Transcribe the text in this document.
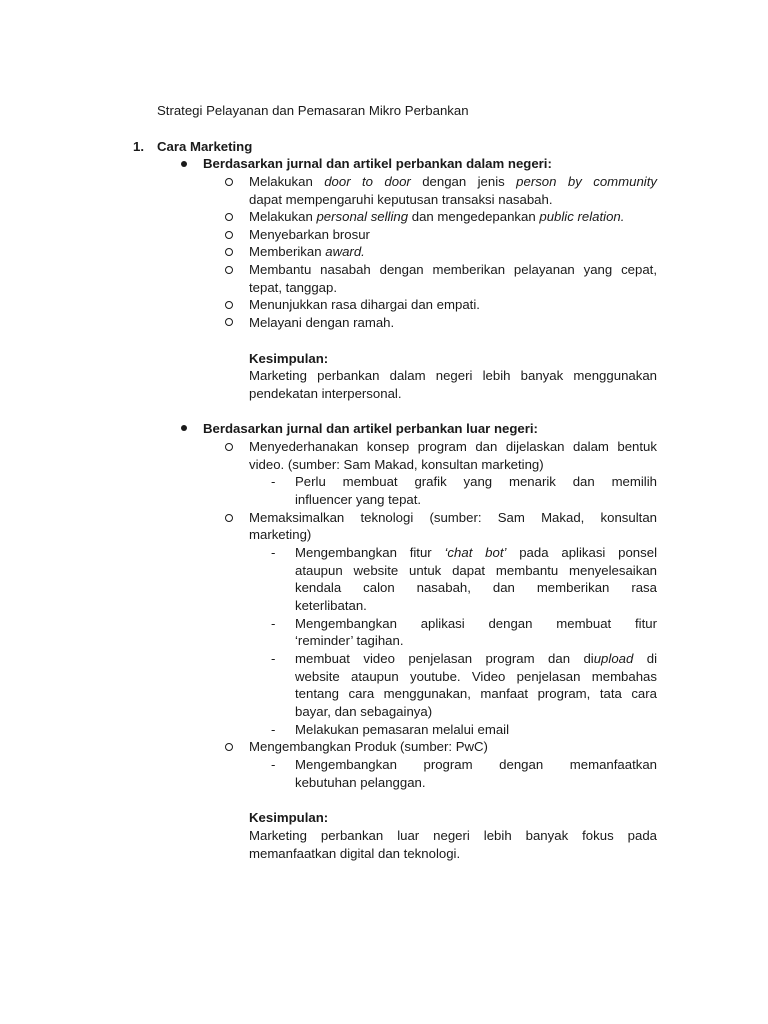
Strategi Pelayanan dan Pemasaran Mikro Perbankan
1. Cara Marketing
Berdasarkan jurnal dan artikel perbankan dalam negeri:
Melakukan door to door dengan jenis person by community
dapat mempengaruhi keputusan transaksi nasabah.
Melakukan personal selling dan mengedepankan public relation.
Menyebarkan brosur
Memberikan award.
Membantu nasabah dengan memberikan pelayanan yang cepat,
tepat, tanggap.
Menunjukkan rasa dihargai dan empati.
Melayani dengan ramah.
Kesimpulan:
Marketing perbankan dalam negeri lebih banyak menggunakan
pendekatan interpersonal.
Berdasarkan jurnal dan artikel perbankan luar negeri:
Menyederhanakan konsep program dan dijelaskan dalam bentuk
video. (sumber: Sam Makad, konsultan marketing)
- Perlu membuat grafik yang menarik dan memilih
influencer yang tepat.
Memaksimalkan teknologi (sumber: Sam Makad, konsultan
marketing)
- Mengembangkan fitur ‘chat bot’ pada aplikasi ponsel
ataupun website untuk dapat membantu menyelesaikan
kendala calon nasabah, dan memberikan rasa
keterlibatan.
- Mengembangkan aplikasi dengan membuat fitur
‘reminder’ tagihan.
- membuat video penjelasan program dan diupload di
website ataupun youtube. Video penjelasan membahas
tentang cara menggunakan, manfaat program, tata cara
bayar, dan sebagainya)
- Melakukan pemasaran melalui email
Mengembangkan Produk (sumber: PwC)
- Mengembangkan program dengan memanfaatkan
kebutuhan pelanggan.
Kesimpulan:
Marketing perbankan luar negeri lebih banyak fokus pada
memanfaatkan digital dan teknologi.
